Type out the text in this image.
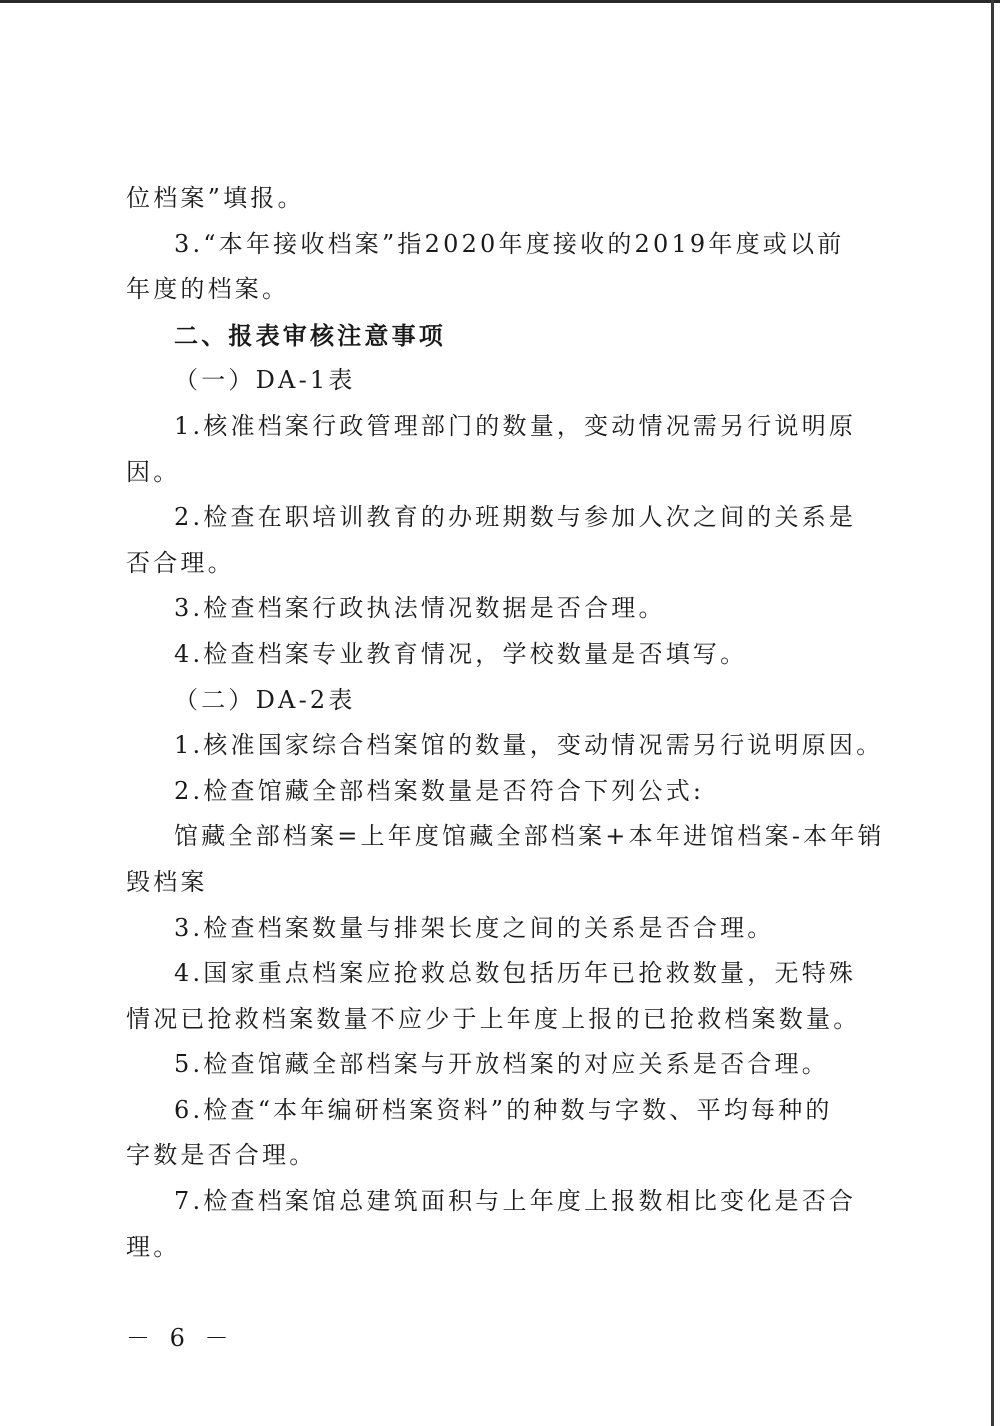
位档案”填报。

3.“本年接收档案”指2020年度接收的2019年度或以前

年度的档案。

二、报表审核注意事项

（一）DA-1表

1.核准档案行政管理部门的数量，变动情况需另行说明原

因。

2.检查在职培训教育的办班期数与参加人次之间的关系是

否合理。

3.检查档案行政执法情况数据是否合理。

4.检查档案专业教育情况，学校数量是否填写。

（二）DA-2表

1.核准国家综合档案馆的数量，变动情况需另行说明原因。

2.检查馆藏全部档案数量是否符合下列公式:

馆藏全部档案=上年度馆藏全部档案+本年进馆档案-本年销

毁档案

3.检查档案数量与排架长度之间的关系是否合理。

4.国家重点档案应抢救总数包括历年已抢救数量，无特殊

情况已抢救档案数量不应少于上年度上报的已抢救档案数量。

5.检查馆藏全部档案与开放档案的对应关系是否合理。

6.检查“本年编研档案资料”的种数与字数、平均每种的

字数是否合理。

7.检查档案馆总建筑面积与上年度上报数相比变化是否合

理。

－ 6 －
